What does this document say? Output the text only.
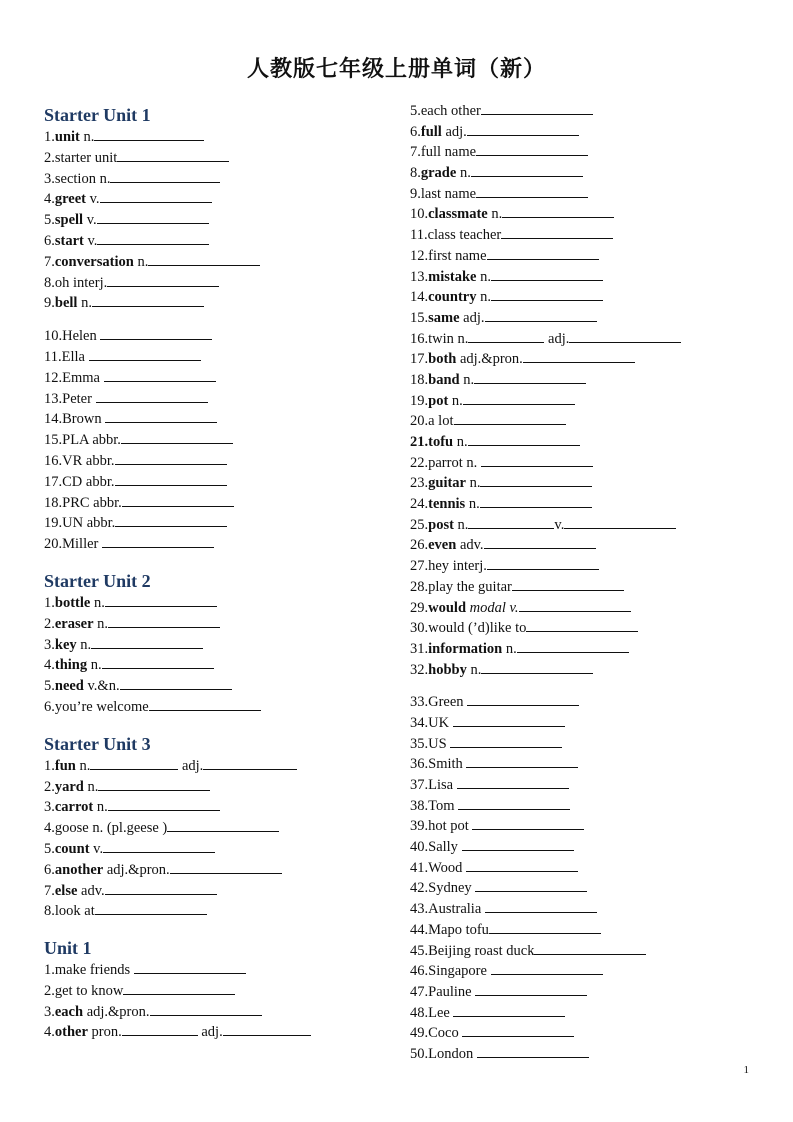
人教版七年级上册单词（新）
Starter Unit 1
1.unit n.
2.starter unit
3.section n.
4.greet v.
5.spell v.
6.start v.
7.conversation n.
8.oh interj.
9.bell n.
10.Helen
11.Ella
12.Emma
13.Peter
14.Brown
15.PLA abbr.
16.VR abbr.
17.CD abbr.
18.PRC abbr.
19.UN abbr.
20.Miller
Starter Unit 2
1.bottle n.
2.eraser n.
3.key n.
4.thing n.
5.need v.&n.
6.you’re welcome
Starter Unit 3
1.fun n.	adj.
2.yard n.
3.carrot n.
4.goose n. (pl.geese )
5.count v.
6.another adj.&pron.
7.else adv.
8.look at
Unit 1
1.make friends
2.get to know
3.each adj.&pron.
4.other pron.	adj.
5.each other
6.full adj.
7.full name
8.grade n.
9.last name
10.classmate n.
11.class teacher
12.first name
13.mistake n.
14.country n.
15.same adj.
16.twin n.	adj.
17.both adj.&pron.
18.band n.
19.pot n.
20.a lot
21.tofu n.
22.parrot n.
23.guitar n.
24.tennis n.
25.post n.	v.
26.even adv.
27.hey interj.
28.play the guitar
29.would modal v.
30.would (’d)like to
31.information n.
32.hobby n.
33.Green
34.UK
35.US
36.Smith
37.Lisa
38.Tom
39.hot pot
40.Sally
41.Wood
42.Sydney
43.Australia
44.Mapo tofu
45.Beijing roast duck
46.Singapore
47.Pauline
48.Lee
49.Coco
50.London
1
